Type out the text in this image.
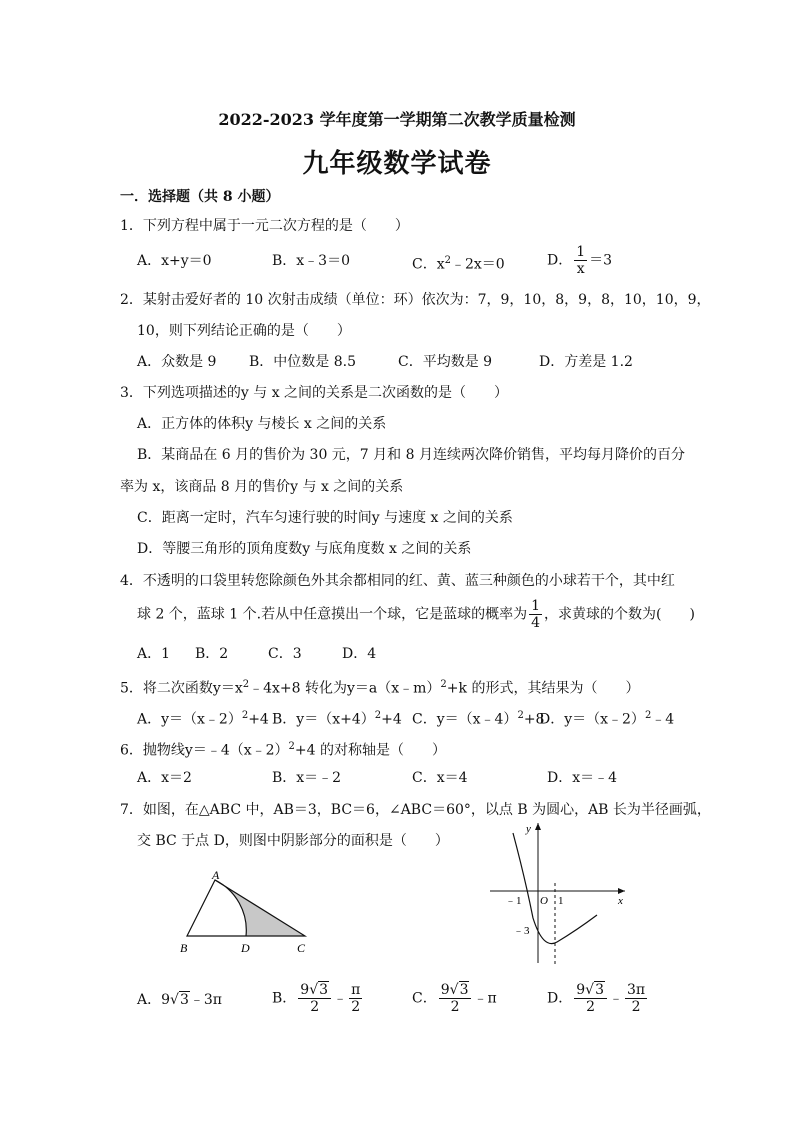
2022-2023 学年度第一学期第二次教学质量检测
九年级数学试卷
一．选择题（共 8 小题）
1．下列方程中属于一元二次方程的是（　　）
A．x+y＝0	B．x﹣3＝0	C．$x^2﹣2x=0$	D． $\frac{1}{x} =3$
2．某射击爱好者的 10 次射击成绩（单位：环）依次为：7，9，10，8，9，8，10，10，9，
10，则下列结论正确的是（　　）
A．众数是 9 B．中位数是 8.5	C．平均数是 9	D．方差是 1.2
3．下列选项描述的y 与 x 之间的关系是二次函数的是（　　）
A．正方体的体积y 与棱长 x 之间的关系
B．某商品在 6 月的售价为 30 元，7 月和 8 月连续两次降价销售，平均每月降价的百分
率为 x，该商品 8 月的售价y 与 x 之间的关系
C．距离一定时，汽车匀速行驶的时间y 与速度 x 之间的关系
D．等腰三角形的顶角度数y 与底角度数 x 之间的关系
4．不透明的口袋里转您除颜色外其余都相同的红、黄、蓝三种颜色的小球若干个，其中红
球 2 个，蓝球 1 个.若从中任意摸出一个球，它是蓝球的概率为 $\frac{1}{4}$ ，求黄球的个数为(　　)
A．1 B．2	C．3	D．4
5．将二次函数$y=x^2﹣4x+8$ 转化为y＝a（x﹣m）$^2$+k 的形式，其结果为（　　）
A．y＝（x﹣2）$^2$+4 B．$y=(x+4)^2+4$ C．y＝（x﹣4）$^2$+8
D．y＝（x﹣2）$^2$﹣4
6．抛物线y＝﹣4（x﹣2）$^2$+4 的对称轴是（　　）
A．x＝2	B．x＝﹣2	C．x＝4	D．x＝﹣4
7．如图，在△ABC 中，AB＝3，BC＝6，∠ABC＝60°，以点 B 为圆心，AB 长为半径画弧，
交 BC 于点 D，则图中阴影部分的面积是（　　）
A
B	D	C
y
x
O
﹣1	1
﹣3
A．9√3﹣3π	B． $\frac{9√3}{2}$ ﹣ $\frac{\pi}{2}$	C． $\frac{9√3}{2}$ ﹣π	D． $\frac{9√3}{2}$ ﹣ $\frac{3\pi}{2}$
